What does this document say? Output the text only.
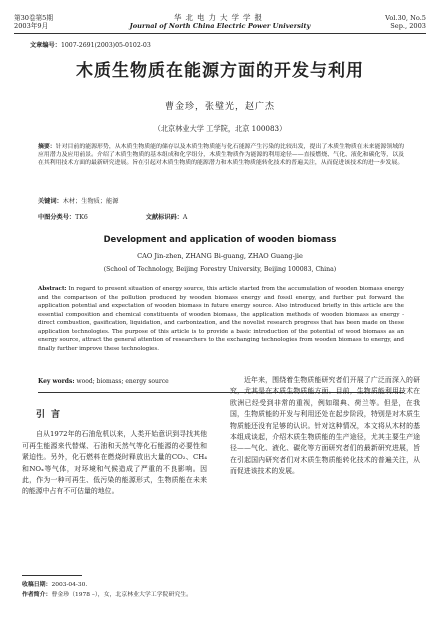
第30卷第5期
2003年9月
华北电力大学学报
Journal of North China Electric Power University
Vol.30, No.5
Sep., 2003
文章编号：1007-2691(2003)05-0102-03
木质生物质在能源方面的开发与利用
曹金珍，张璧光，赵广杰
（北京林业大学 工学院，北京 100083）
摘要：针对目前的能源形势，从木质生物质能的储存以及木质生物质能与化石能源产生污染的比较出发，提出了木质生物质在未来能源领域的应用潜力及应用前景。介绍了木质生物质的基本组成和化学组分，木质生物质作为能源的利用途径——直接燃烧、气化、液化和碳化等，以及在其利用技术方面的最新研究进展。旨在引起对木质生物质的能源潜力和木质生物质能转化技术的普遍关注，从而促进该技术的进一步发展。
关键词：木材；生物质；能源
中图分类号：TK6	文献标识码：A
Development and application of wooden biomass
CAO Jin-zhen, ZHANG Bi-guang, ZHAO Guang-jie
(School of Technology, Beijing Forestry University, Beijing 100083, China)
Abstract: In regard to present situation of energy source, this article started from the accumulation of wooden biomass energy and the comparison of the pollution produced by wooden biomass energy and fossil energy, and further put forward the application potential and expectation of wooden biomass in future energy source. Also introduced briefly in this article are the essential composition and chemical constituents of wooden biomass, the application methods of wooden biomass as energy - direct combustion, gasification, liquidation, and carbonization, and the novelist research progress that has been made on these application technologies. The purpose of this article is to provide a basic introduction of the potential of wood biomass as an energy source, attract the general attention of researchers to the exchanging technologies from wooden biomass to energy, and finally further improve these technologies.
Key words: wood; biomass; energy source
引言

自从1972年的石油危机以来，人类开始意识到寻找其他可再生能源来代替煤、石油和天然气等化石能源的必要性和紧迫性。另外，化石燃料在燃烧时释放出大量的CO₂、CH₄和NOₓ等气体，对环境和气候造成了严重的不良影响。因此，作为一种可再生、低污染的能源形式，生物质能在未来的能源中占有不可估量的地位。

近年来，围绕着生物质能研究者们开展了广泛而深入的研究，尤其是在木质生物质能方面。目前，生物质能利用技术在欧洲已经受到非常的重视，例如瑞典、荷兰等。但是，在我国，生物质能的开发与利用还处在起步阶段，特别是对木质生物质能还没有足够的认识。针对这种情况，本文将从木材的基本组成谈起，介绍木质生物质能的生产途径，尤其主要生产途径——气化、液化、碳化等方面研究者们的最新研究进展，旨在引起国内研究者们对木质生物质能转化技术的普遍关注，从而促进该技术的发展。

收稿日期：2003-04-30.
作者简介：曹金珍（1978 –），女，北京林业大学工学院研究生。
